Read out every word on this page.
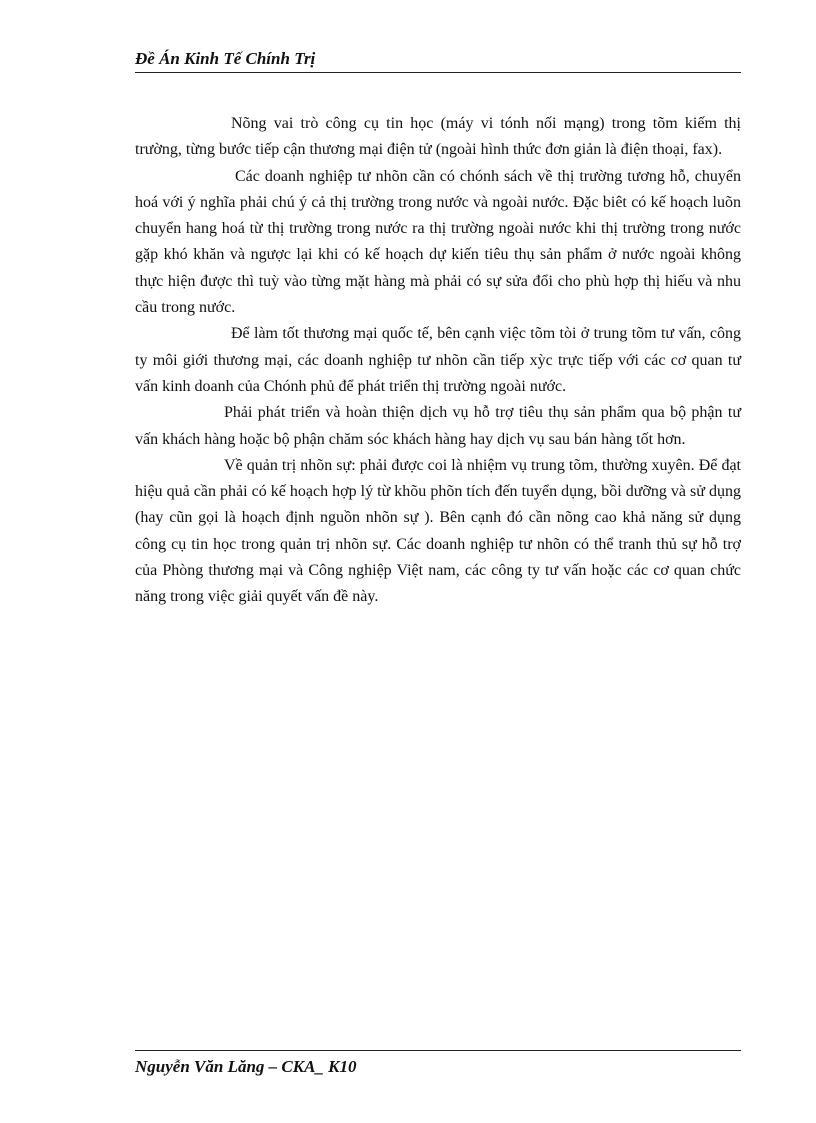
Đề Án Kinh Tế Chính Trị

Nõng vai trò công cụ tin học (máy vi tónh nối mạng) trong tõm kiếm thị trường, từng bước tiếp cận thương mại điện tử (ngoài hình thức đơn giản là điện thoại, fax).

Các doanh nghiệp tư nhõn cần có chónh sách về thị trường tương hỗ, chuyển hoá với ý nghĩa phải chú ý cả thị trường trong nước và ngoài nước. Đặc biêt có kế hoạch luõn chuyển hang hoá từ thị trường trong nước ra thị trường ngoài nước khi thị trường trong nước gặp khó khăn và ngược lại khi có kế hoạch dự kiến tiêu thụ sản phẩm ở nước ngoài không thực hiện được thì tuỳ vào từng mặt hàng mà phải có sự sửa đổi cho phù hợp thị hiếu và nhu cầu trong nước.

Để làm tốt thương mại quốc tế, bên cạnh việc tõm tòi ở trung tõm tư vấn, công ty môi giới thương mại, các doanh nghiệp tư nhõn cần tiếp xỳc trực tiếp với các cơ quan tư vấn kinh doanh của Chónh phủ để phát triển thị trường ngoài nước.

Phải phát triển và hoàn thiện dịch vụ hỗ trợ tiêu thụ sản phẩm qua bộ phận tư vấn khách hàng hoặc bộ phận chăm sóc khách hàng hay dịch vụ sau bán hàng tốt hơn.

Về quản trị nhõn sự: phải được coi là nhiệm vụ trung tõm, thường xuyên. Để đạt hiệu quả cần phải có kế hoạch hợp lý từ khõu phõn tích đến tuyển dụng, bồi dưỡng và sử dụng (hay cũn gọi là hoạch định nguồn nhõn sự ). Bên cạnh đó cần nõng cao khả năng sử dụng công cụ tin học trong quản trị nhõn sự. Các doanh nghiệp tư nhõn có thể tranh thủ sự hỗ trợ của Phòng thương mại và Công nghiệp Việt nam, các công ty tư vấn hoặc các cơ quan chức năng trong việc giải quyết vấn đề này.

Nguyễn Văn Lăng – CKA_ K10
